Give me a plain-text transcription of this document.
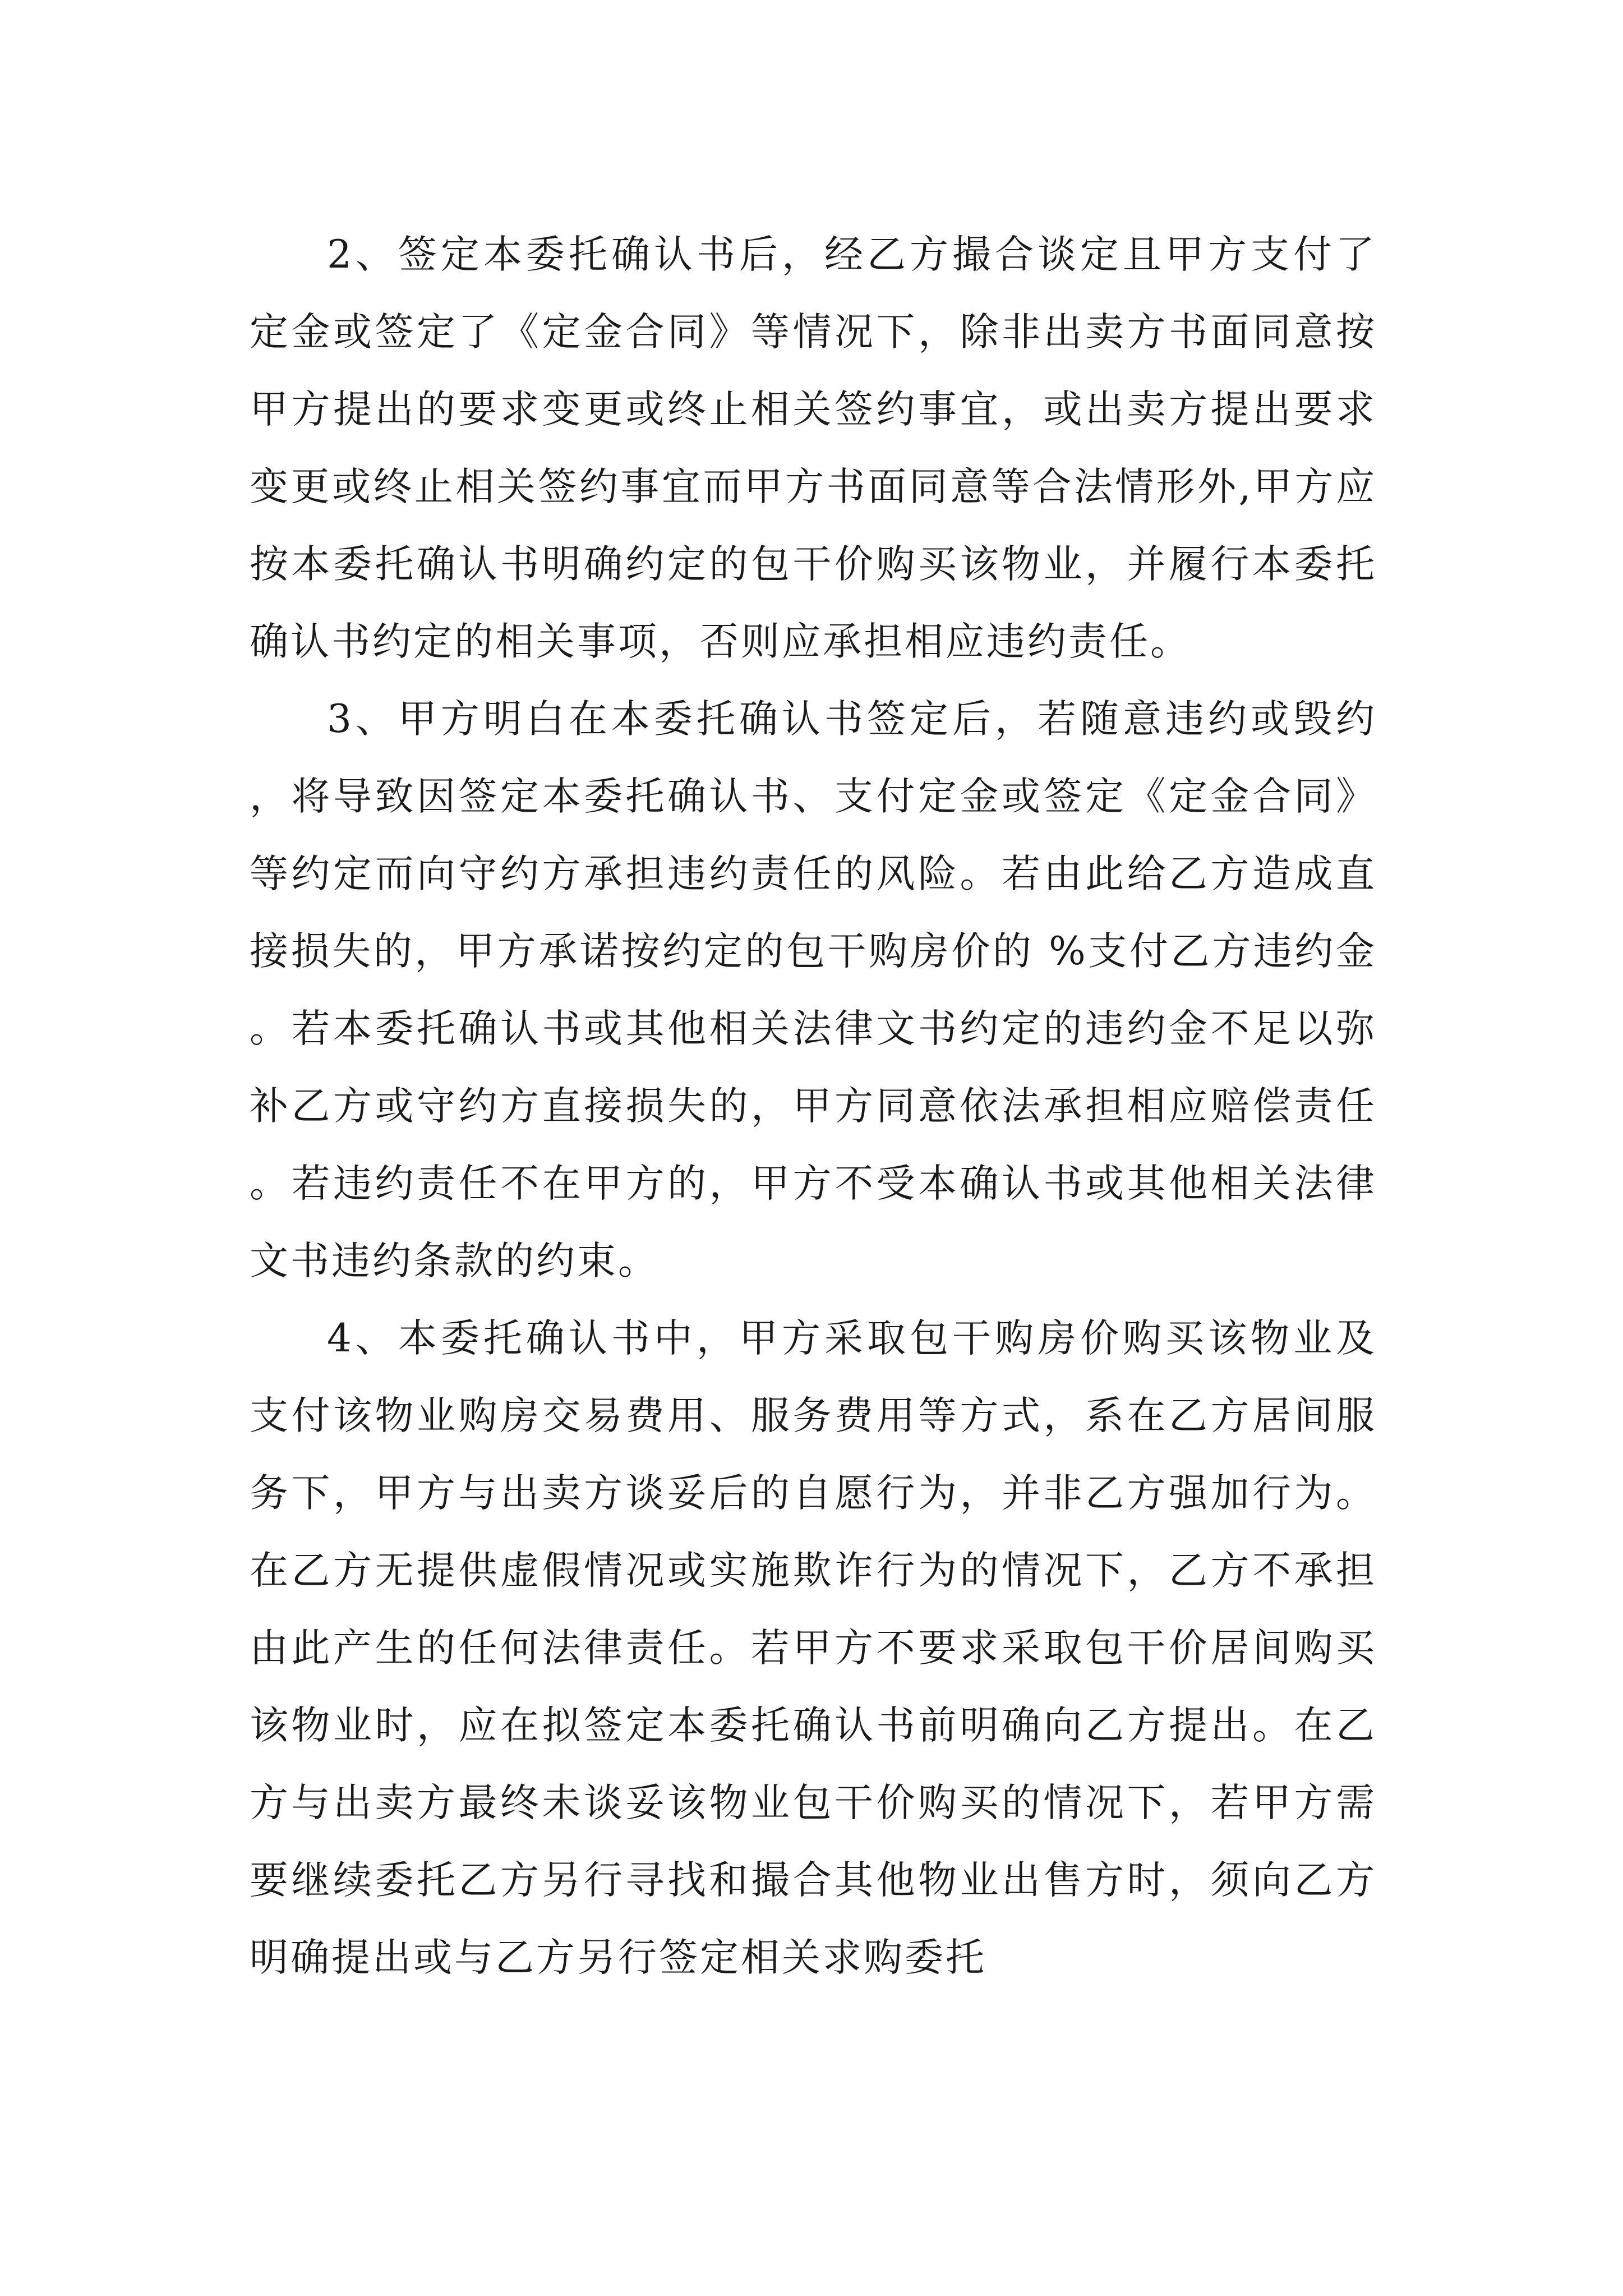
2、签定本委托确认书后，经乙方撮合谈定且甲方支付了定金或签定了《定金合同》等情况下，除非出卖方书面同意按甲方提出的要求变更或终止相关签约事宜，或出卖方提出要求变更或终止相关签约事宜而甲方书面同意等合法情形外,甲方应按本委托确认书明确约定的包干价购买该物业，并履行本委托确认书约定的相关事项，否则应承担相应违约责任。

3、甲方明白在本委托确认书签定后，若随意违约或毁约，将导致因签定本委托确认书、支付定金或签定《定金合同》等约定而向守约方承担违约责任的风险。若由此给乙方造成直接损失的，甲方承诺按约定的包干购房价的 %支付乙方违约金。若本委托确认书或其他相关法律文书约定的违约金不足以弥补乙方或守约方直接损失的，甲方同意依法承担相应赔偿责任。若违约责任不在甲方的，甲方不受本确认书或其他相关法律文书违约条款的约束。

4、本委托确认书中，甲方采取包干购房价购买该物业及支付该物业购房交易费用、服务费用等方式，系在乙方居间服务下，甲方与出卖方谈妥后的自愿行为，并非乙方强加行为。在乙方无提供虚假情况或实施欺诈行为的情况下，乙方不承担由此产生的任何法律责任。若甲方不要求采取包干价居间购买该物业时，应在拟签定本委托确认书前明确向乙方提出。在乙方与出卖方最终未谈妥该物业包干价购买的情况下，若甲方需要继续委托乙方另行寻找和撮合其他物业出售方时，须向乙方明确提出或与乙方另行签定相关求购委托
